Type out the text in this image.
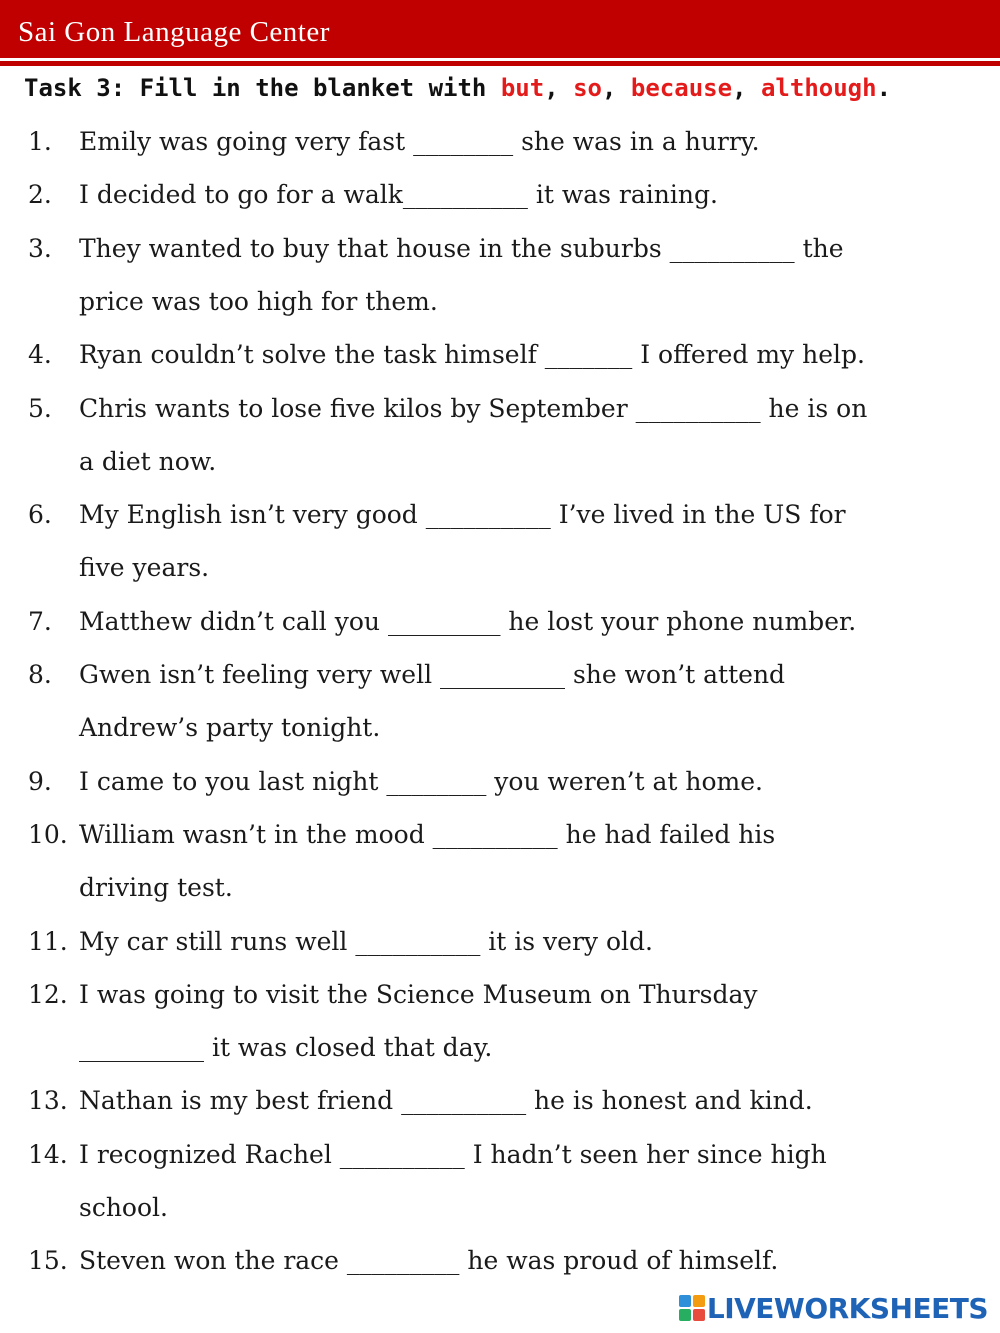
Sai Gon Language Center
Task 3: Fill in the blanket with but, so, because, although.
1.	Emily was going very fast ________ she was in a hurry.
2.	I decided to go for a walk__________ it was raining.
3.	They wanted to buy that house in the suburbs __________ the
price was too high for them.
4.	Ryan couldn’t solve the task himself _______ I offered my help.
5.	Chris wants to lose five kilos by September __________ he is on
a diet now.
6.	My English isn’t very good __________ I’ve lived in the US for
five years.
7.	Matthew didn’t call you _________ he lost your phone number.
8.	Gwen isn’t feeling very well __________ she won’t attend
Andrew’s party tonight.
9.	I came to you last night ________ you weren’t at home.
10. William wasn’t in the mood __________ he had failed his
driving test.
11. My car still runs well __________ it is very old.
12. I was going to visit the Science Museum on Thursday
__________ it was closed that day.
13. Nathan is my best friend __________ he is honest and kind.
14. I recognized Rachel __________ I hadn’t seen her since high
school.
15. Steven won the race _________ he was proud of himself.
LIVEWORKSHEETS
